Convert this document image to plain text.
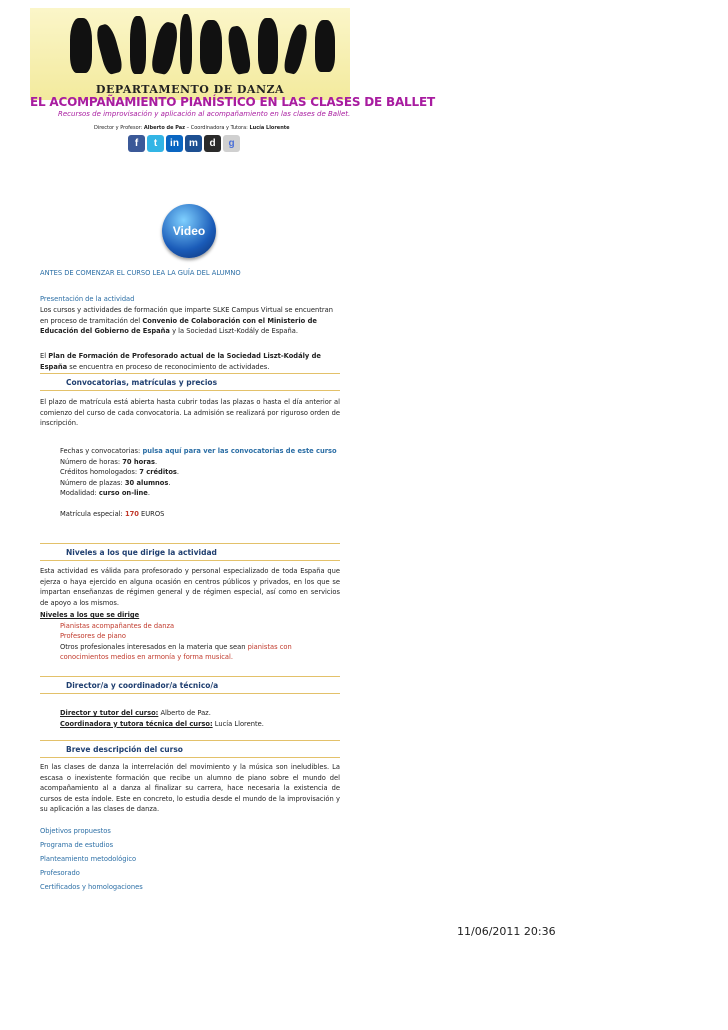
DEPARTAMENTO DE DANZA
EL ACOMPAÑAMIENTO PIANÍSTICO EN LAS CLASES DE BALLET
Recursos de improvisación y aplicación al acompañamiento en las clases de Ballet.
Director y Profesor: Alberto de Paz – Coordinadora y Tutora: Lucía Llorente
f	t	in	m	d	g
Video
ANTES DE COMENZAR EL CURSO LEA LA GUÍA DEL ALUMNO
Presentación de la actividad
Los cursos y actividades de formación que imparte SLKE Campus Virtual se encuentran en proceso de tramitación del Convenio de Colaboración con el Ministerio de Educación del Gobierno de España y la Sociedad Liszt-Kodály de España.
El Plan de Formación de Profesorado actual de la Sociedad Liszt-Kodály de España se encuentra en proceso de reconocimiento de actividades.
Convocatorias, matrículas y precios
El plazo de matrícula está abierta hasta cubrir todas las plazas o hasta el día anterior al comienzo del curso de cada convocatoria. La admisión se realizará por riguroso orden de inscripción.
Fechas y convocatorias: pulsa aquí para ver las convocatorias de este curso
Número de horas: 70 horas.
Créditos homologados: 7 créditos.
Número de plazas: 30 alumnos.
Modalidad: curso on-line.
Matrícula especial: 170 EUROS
Niveles a los que dirige la actividad
Esta actividad es válida para profesorado y personal especializado de toda España que ejerza o haya ejercido en alguna ocasión en centros públicos y privados, en los que se impartan enseñanzas de régimen general y de régimen especial, así como en servicios de apoyo a los mismos.
Niveles a los que se dirige
Pianistas acompañantes de danza
Profesores de piano
Otros profesionales interesados en la materia que sean pianistas con conocimientos medios en armonía y forma musical.
Director/a y coordinador/a técnico/a
Director y tutor del curso: Alberto de Paz.
Coordinadora y tutora técnica del curso: Lucía Llorente.
Breve descripción del curso
En las clases de danza la interrelación del movimiento y la música son ineludibles. La escasa o inexistente formación que recibe un alumno de piano sobre el mundo del acompañamiento al a danza al finalizar su carrera, hace necesaria la existencia de cursos de esta índole. Este en concreto, lo estudia desde el mundo de la improvisación y su aplicación a las clases de danza.
Objetivos propuestos
Programa de estudios
Planteamiento metodológico
Profesorado
Certificados y homologaciones
11/06/2011 20:36
